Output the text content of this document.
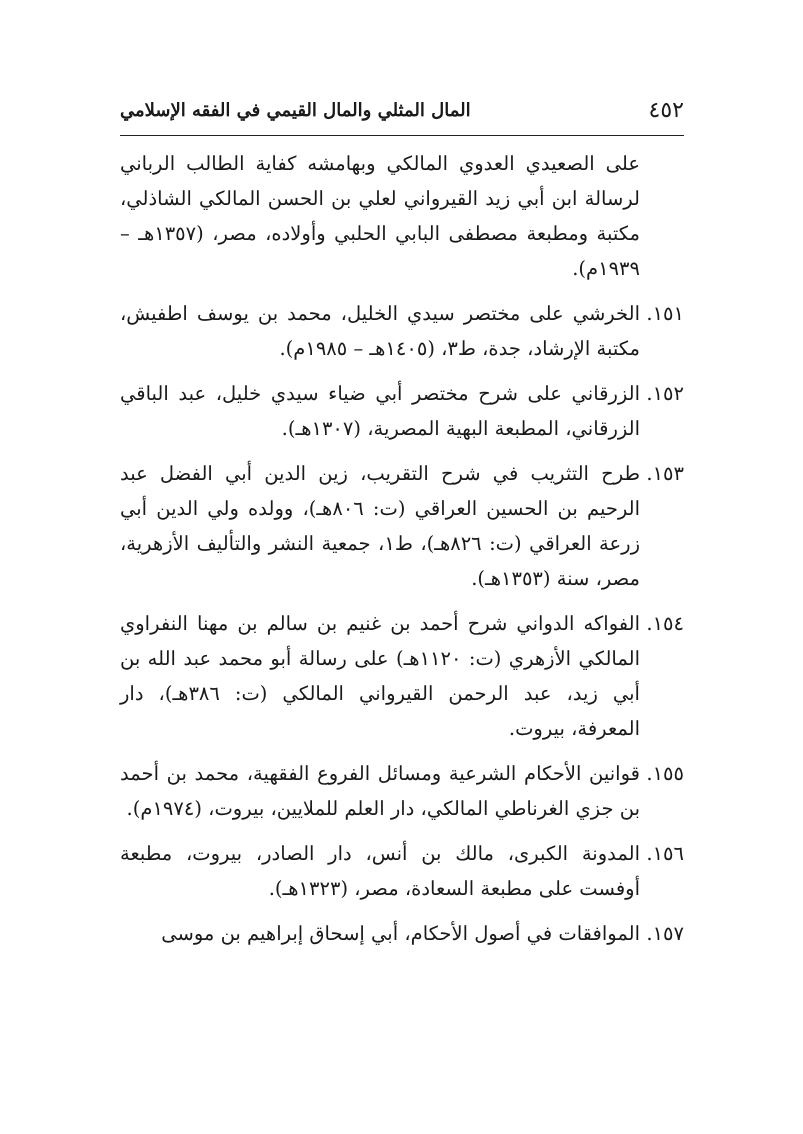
٤٥٢
المال المثلي والمال القيمي في الفقه الإسلامي
على الصعيدي العدوي المالكي وبهامشه كفاية الطالب الرباني لرسالة ابن أبي زيد القيرواني لعلي بن الحسن المالكي الشاذلي، مكتبة ومطبعة مصطفى البابي الحلبي وأولاده، مصر، (١٣٥٧هـ – ١٩٣٩م).
١٥١.
الخرشي على مختصر سيدي الخليل، محمد بن يوسف اطفيش، مكتبة الإرشاد، جدة، ط٣، (١٤٠٥هـ – ١٩٨٥م).
١٥٢.
الزرقاني على شرح مختصر أبي ضياء سيدي خليل، عبد الباقي الزرقاني، المطبعة البهية المصرية، (١٣٠٧هـ).
١٥٣.
طرح التثريب في شرح التقريب، زين الدين أبي الفضل عبد الرحيم بن الحسين العراقي (ت: ٨٠٦هـ)، وولده ولي الدين أبي زرعة العراقي (ت: ٨٢٦هـ)، ط١، جمعية النشر والتأليف الأزهرية، مصر، سنة (١٣٥٣هـ).
١٥٤.
الفواكه الدواني شرح أحمد بن غنيم بن سالم بن مهنا النفراوي المالكي الأزهري (ت: ١١٢٠هـ) على رسالة أبو محمد عبد الله بن أبي زيد، عبد الرحمن القيرواني المالكي (ت: ٣٨٦هـ)، دار المعرفة، بيروت.
١٥٥.
قوانين الأحكام الشرعية ومسائل الفروع الفقهية، محمد بن أحمد بن جزي الغرناطي المالكي، دار العلم للملايين، بيروت، (١٩٧٤م).
١٥٦.
المدونة الكبرى، مالك بن أنس، دار الصادر، بيروت، مطبعة أوفست على مطبعة السعادة، مصر، (١٣٢٣هـ).
١٥٧.
الموافقات في أصول الأحكام، أبي إسحاق إبراهيم بن موسى
